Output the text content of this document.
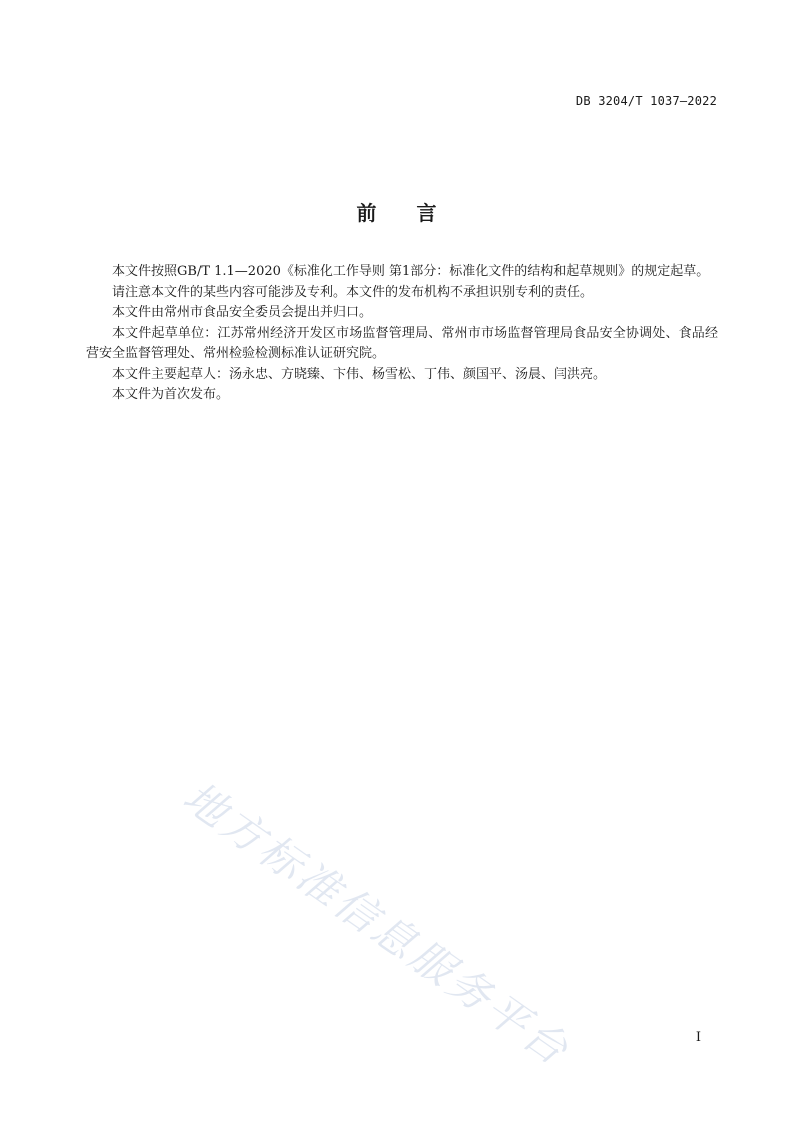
DB 3204/T 1037—2022
前 言

本文件按照GB/T 1.1—2020《标准化工作导则 第1部分：标准化文件的结构和起草规则》的规定起草。

请注意本文件的某些内容可能涉及专利。本文件的发布机构不承担识别专利的责任。

本文件由常州市食品安全委员会提出并归口。

本文件起草单位：江苏常州经济开发区市场监督管理局、常州市市场监督管理局食品安全协调处、食品经营安全监督管理处、常州检验检测标准认证研究院。

本文件主要起草人：汤永忠、方晓臻、卞伟、杨雪松、丁伟、颜国平、汤晨、闫洪亮。

本文件为首次发布。

地方标准信息服务平台	I
